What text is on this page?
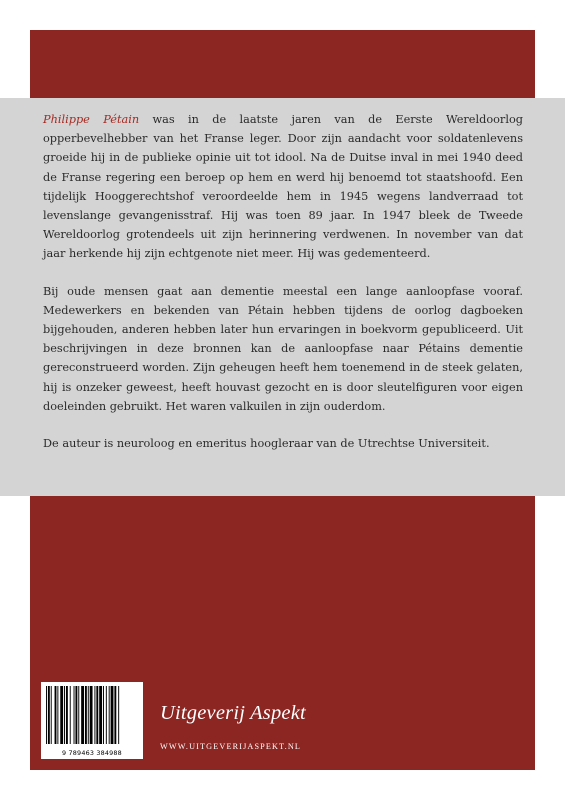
Philippe Pétain was in de laatste jaren van de Eerste Wereldoorlog opperbevelhebber van het Franse leger. Door zijn aandacht voor soldatenlevens groeide hij in de publieke opinie uit tot idool. Na de Duitse inval in mei 1940 deed de Franse regering een beroep op hem en werd hij benoemd tot staatshoofd. Een tijdelijk Hooggerechtshof veroordeelde hem in 1945 wegens landverraad tot levenslange gevangenisstraf. Hij was toen 89 jaar. In 1947 bleek de Tweede Wereldoorlog grotendeels uit zijn herinnering verdwenen. In november van dat jaar herkende hij zijn echtgenote niet meer. Hij was gedementeerd.

Bij oude mensen gaat aan dementie meestal een lange aanloopfase vooraf. Medewerkers en bekenden van Pétain hebben tijdens de oorlog dagboeken bijgehouden, anderen hebben later hun ervaringen in boekvorm gepubliceerd. Uit beschrijvingen in deze bronnen kan de aanloopfase naar Pétains dementie gereconstrueerd worden. Zijn geheugen heeft hem toenemend in de steek gelaten, hij is onzeker geweest, heeft houvast gezocht en is door sleutelfiguren voor eigen doeleinden gebruikt. Het waren valkuilen in zijn ouderdom.

De auteur is neuroloog en emeritus hoogleraar van de Utrechtse Universiteit.

9 789463 384988
Uitgeverij Aspekt
WWW.UITGEVERIJASPEKT.NL
